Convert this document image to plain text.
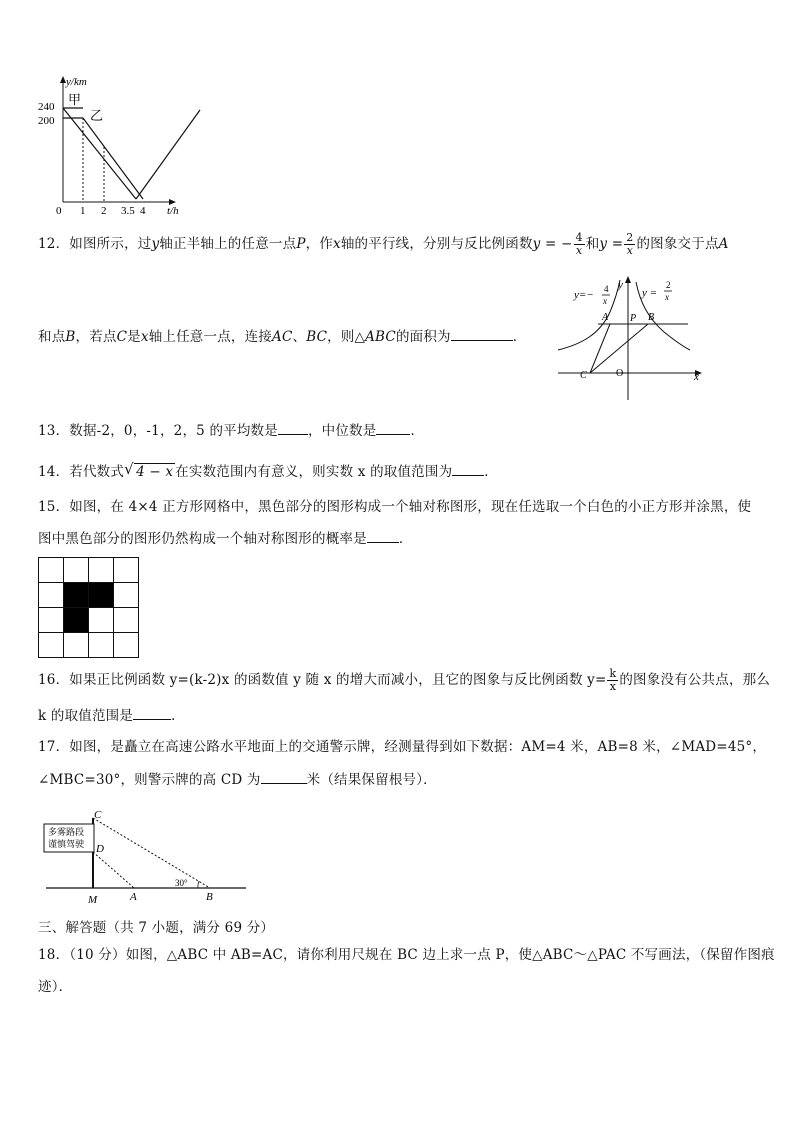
y/km
240
200
甲
乙
0 1 2 3.5 4 t/h
12．如图所示，过y轴正半轴上的任意一点P，作x轴的平行线，分别与反比例函数y = − $\frac{4}{x}$ 和$y = \frac{2}{x}$ 的图象交于点A
和点B，若点C是x轴上任意一点，连接AC、BC，则△ABC的面积为	．
y=− 4
x
y
y =
2
x
A P B
C	O	x
13．数据-2，0，-1，2，5 的平均数是 ，中位数是	．
14．若代数式 √ 4 − x 在实数范围内有意义，则实数 x 的取值范围为 ．
15．如图，在 4×4 正方形网格中，黑色部分的图形构成一个轴对称图形，现在任选取一个白色的小正方形并涂黑，使
图中黑色部分的图形仍然构成一个轴对称图形的概率是 ．
16．如果正比例函数 y=(k-2)x 的函数值 y 随 x 的增大而减小，且它的图象与反比例函数 $y= \frac{k}{x}$ 的图象没有公共点，那么
k 的取值范围是	．
17．如图，是矗立在高速公路水平地面上的交通警示牌，经测量得到如下数据：AM=4 米，AB=8 米，∠MAD=45°，
∠MBC=30°，则警示牌的高 CD 为	米（结果保留根号）．
多雾路段
谨慎驾驶
30°
C
D
M	A	B
三、解答题（共 7 小题，满分 69 分）
18．（10 分）如图，△ABC 中 AB=AC，请你利用尺规在 BC 边上求一点 P，使△ABC～△PAC 不写画法，（保留作图痕
迹）．
